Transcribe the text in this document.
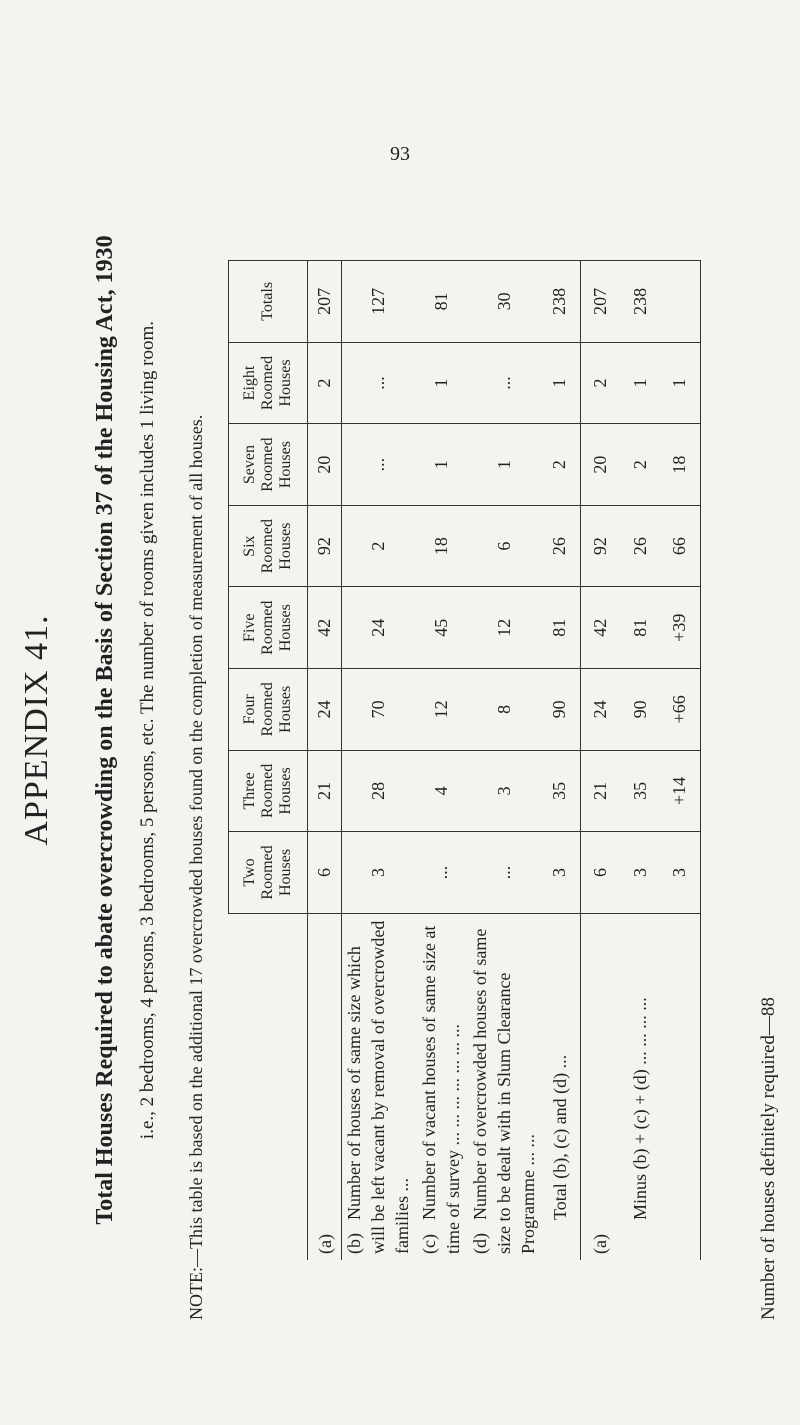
93
APPENDIX 41. Total Houses Required to abate overcrowding on the Basis of Section 37 of the Housing Act, 1930 i.e., 2 bedrooms, 4 persons, 3 bedrooms, 5 persons, etc. The number of rooms given includes 1 living room. NOTE:—This table is based on the additional 17 overcrowded houses found on the completion of measurement of all houses.
	Two Roomed Houses	Three Roomed Houses	Four Roomed Houses	Five Roomed Houses	Six Roomed Houses	Seven Roomed Houses	Eight Roomed Houses	Totals
(a)	6	21	24	42	92	20	2	207
(b)Number of houses of same size which will be left vacant by removal of overcrowded families ...	3	28	70	24	2	...	...	127
(c)Number of vacant houses of same size at time of survey ... ... ... ... ... ... ...	...	4	12	45	18	1	1	81
(d)Number of overcrowded houses of same size to be dealt with in Slum Clearance Programme ... ...	...	3	8	12	6	1	...	30
Total (b), (c) and (d) ...	3	35	90	81	26	2	1	238
(a)	6	21	24	42	92	20	2	207
Minus (b) + (c) + (d) ... ... ... ...	3	35	90	81	26	2	1	238
	3	+14	+66	+39	66	18	1	
Number of houses definitely required—88
